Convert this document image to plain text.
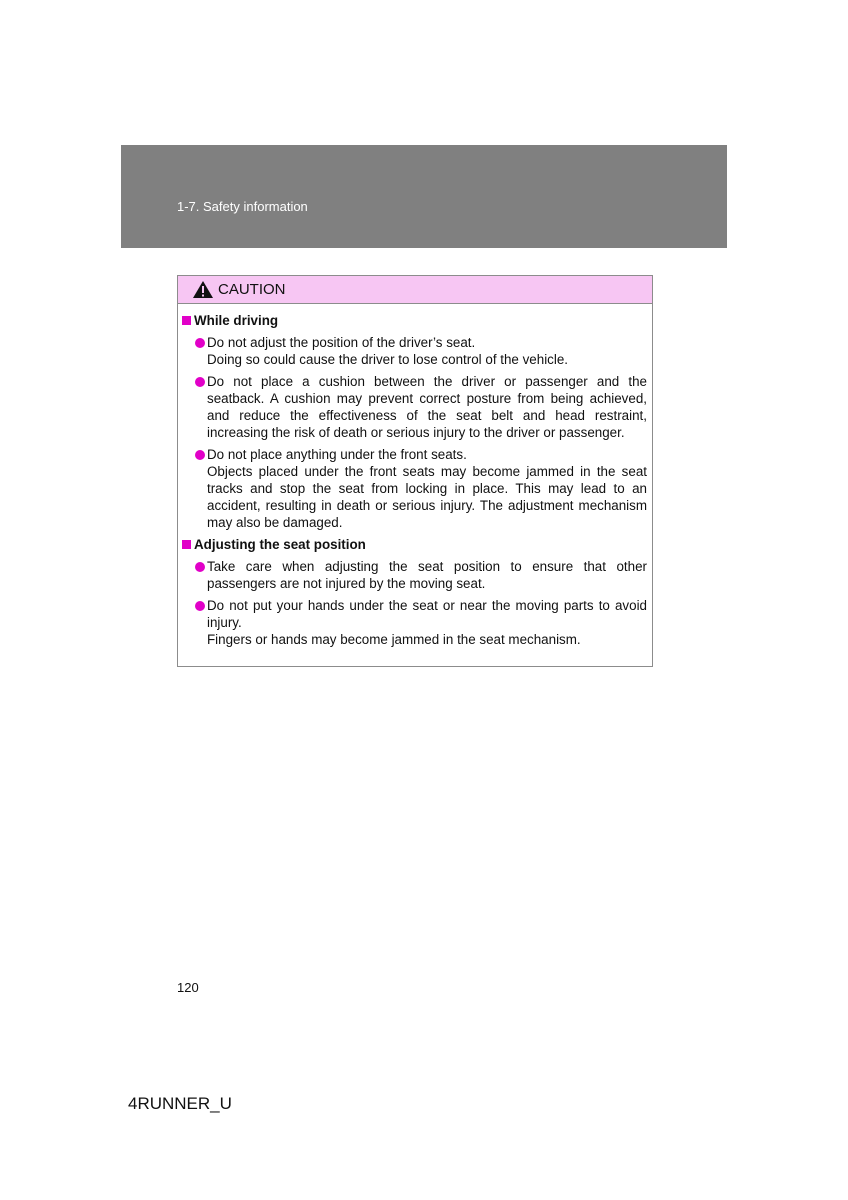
1-7. Safety information
CAUTION
While driving

Do not adjust the position of the driver’s seat.

Doing so could cause the driver to lose control of the vehicle.

Do not place a cushion between the driver or passenger and the seatback. A cushion may prevent correct posture from being achieved, and reduce the effectiveness of the seat belt and head restraint, increasing the risk of death or serious injury to the driver or passenger.

Do not place anything under the front seats.

Objects placed under the front seats may become jammed in the seat tracks and stop the seat from locking in place. This may lead to an accident, resulting in death or serious injury. The adjustment mechanism may also be damaged.

Adjusting the seat position

Take care when adjusting the seat position to ensure that other passengers are not injured by the moving seat.

Do not put your hands under the seat or near the moving parts to avoid injury.

Fingers or hands may become jammed in the seat mechanism.

120
4RUNNER_U
